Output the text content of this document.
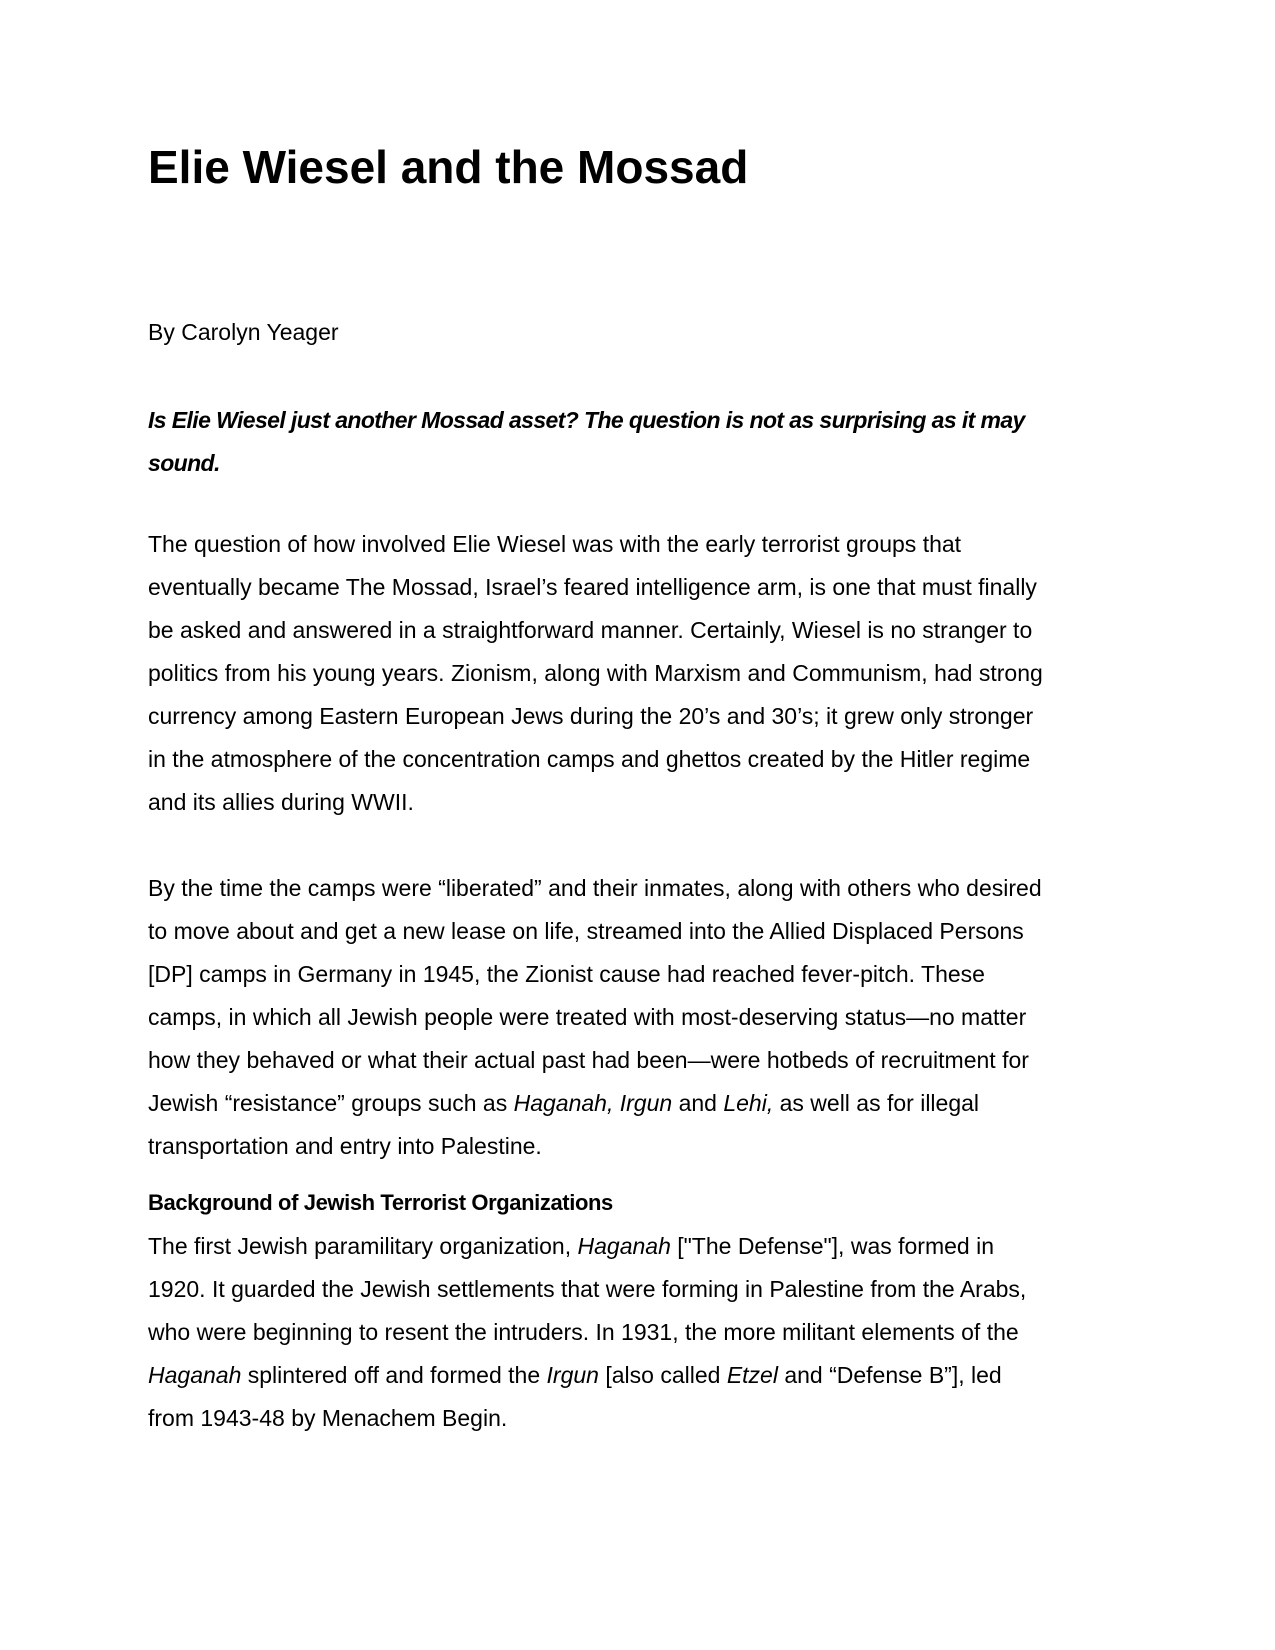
Elie Wiesel and the Mossad

By Carolyn Yeager

Is Elie Wiesel just another Mossad asset? The question is not as surprising as it may
sound.

The question of how involved Elie Wiesel was with the early terrorist groups that
eventually became The Mossad, Israel’s feared intelligence arm, is one that must finally
be asked and answered in a straightforward manner. Certainly, Wiesel is no stranger to
politics from his young years. Zionism, along with Marxism and Communism, had strong
currency among Eastern European Jews during the 20’s and 30’s; it grew only stronger
in the atmosphere of the concentration camps and ghettos created by the Hitler regime
and its allies during WWII.

By the time the camps were “liberated” and their inmates, along with others who desired
to move about and get a new lease on life, streamed into the Allied Displaced Persons
[DP] camps in Germany in 1945, the Zionist cause had reached fever-pitch. These
camps, in which all Jewish people were treated with most-deserving status—no matter
how they behaved or what their actual past had been—were hotbeds of recruitment for
Jewish “resistance” groups such as Haganah, Irgun and Lehi, as well as for illegal
transportation and entry into Palestine.

Background of Jewish Terrorist Organizations

The first Jewish paramilitary organization, Haganah ["The Defense"], was formed in
1920. It guarded the Jewish settlements that were forming in Palestine from the Arabs,
who were beginning to resent the intruders. In 1931, the more militant elements of the
Haganah splintered off and formed the Irgun [also called Etzel and “Defense B”], led
from 1943-48 by Menachem Begin.
